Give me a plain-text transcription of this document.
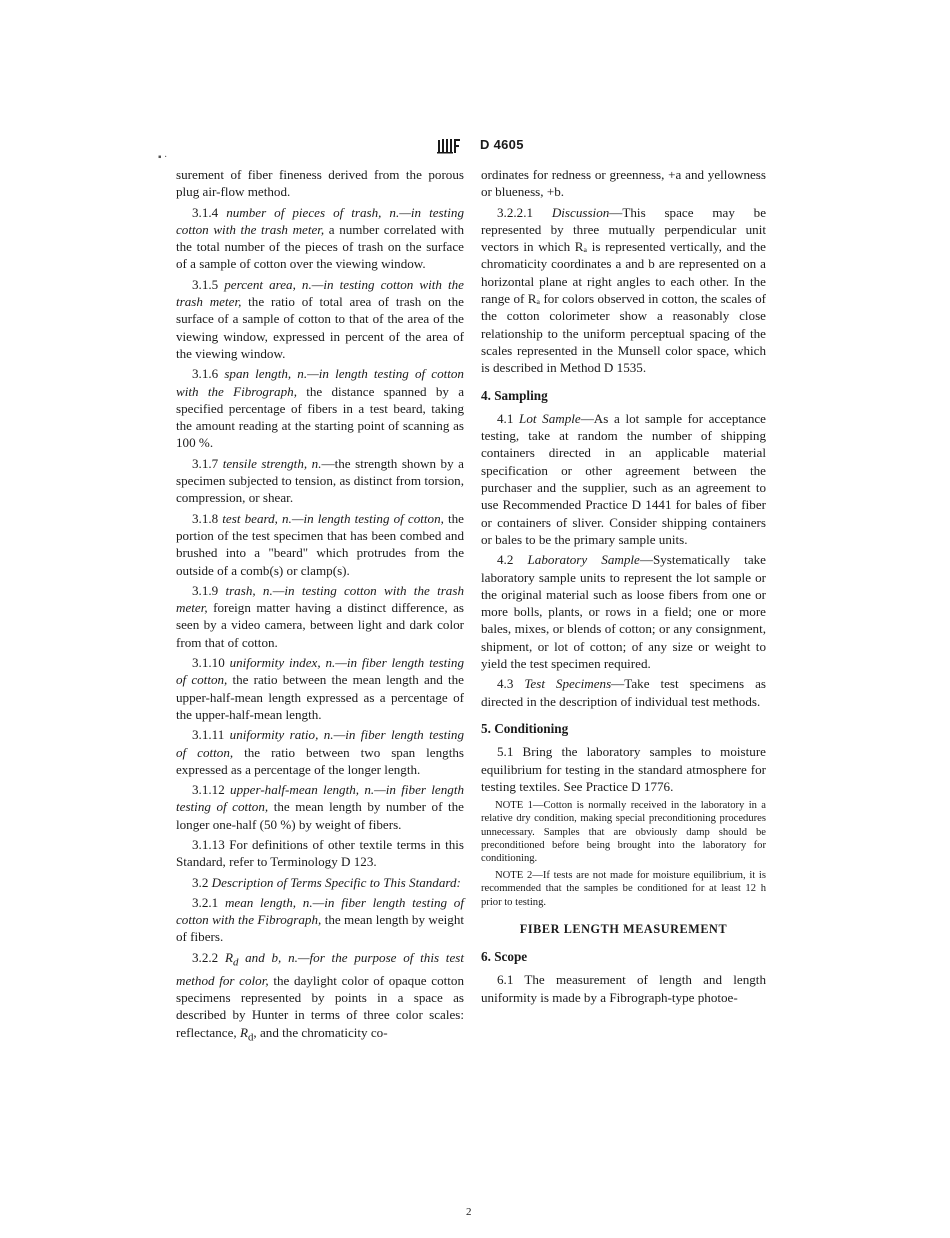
D 4605
▪ ·

surement of fiber fineness derived from the porous plug air-flow method.

3.1.4 number of pieces of trash, n.—in testing cotton with the trash meter, a number correlated with the total number of the pieces of trash on the surface of a sample of cotton over the viewing window.

3.1.5 percent area, n.—in testing cotton with the trash meter, the ratio of total area of trash on the surface of a sample of cotton to that of the area of the viewing window, expressed in percent of the area of the viewing window.

3.1.6 span length, n.—in length testing of cotton with the Fibrograph, the distance spanned by a specified percentage of fibers in a test beard, taking the amount reading at the starting point of scanning as 100 %.

3.1.7 tensile strength, n.—the strength shown by a specimen subjected to tension, as distinct from torsion, compression, or shear.

3.1.8 test beard, n.—in length testing of cotton, the portion of the test specimen that has been combed and brushed into a "beard" which protrudes from the outside of a comb(s) or clamp(s).

3.1.9 trash, n.—in testing cotton with the trash meter, foreign matter having a distinct difference, as seen by a video camera, between light and dark color from that of cotton.

3.1.10 uniformity index, n.—in fiber length testing of cotton, the ratio between the mean length and the upper-half-mean length expressed as a percentage of the upper-half-mean length.

3.1.11 uniformity ratio, n.—in fiber length testing of cotton, the ratio between two span lengths expressed as a percentage of the longer length.

3.1.12 upper-half-mean length, n.—in fiber length testing of cotton, the mean length by number of the longer one-half (50 %) by weight of fibers.

3.1.13 For definitions of other textile terms in this Standard, refer to Terminology D 123.

3.2 Description of Terms Specific to This Standard:

3.2.1 mean length, n.—in fiber length testing of cotton with the Fibrograph, the mean length by weight of fibers.

3.2.2 $R_d$ and b, n.—for the purpose of this test method for color, the daylight color of opaque cotton specimens represented by points in a space as described by Hunter in terms of three color scales: reflectance, $R_d$, and the chromaticity co-

ordinates for redness or greenness, +a and yellowness or blueness, +b.

3.2.2.1 Discussion—This space may be represented by three mutually perpendicular unit vectors in which Rₐ is represented vertically, and the chromaticity coordinates a and b are represented on a horizontal plane at right angles to each other. In the range of Rₐ for colors observed in cotton, the scales of the cotton colorimeter show a reasonably close relationship to the uniform perceptual spacing of the scales represented in the Munsell color space, which is described in Method D 1535.

4. Sampling

4.1 Lot Sample—As a lot sample for acceptance testing, take at random the number of shipping containers directed in an applicable material specification or other agreement between the purchaser and the supplier, such as an agreement to use Recommended Practice D 1441 for bales of fiber or containers of sliver. Consider shipping containers or bales to be the primary sample units.

4.2 Laboratory Sample—Systematically take laboratory sample units to represent the lot sample or the original material such as loose fibers from one or more bolls, plants, or rows in a field; one or more bales, mixes, or blends of cotton; or any consignment, shipment, or lot of cotton; of any size or weight to yield the test specimen required.

4.3 Test Specimens—Take test specimens as directed in the description of individual test methods.

5. Conditioning

5.1 Bring the laboratory samples to moisture equilibrium for testing in the standard atmosphere for testing textiles. See Practice D 1776.

NOTE 1—Cotton is normally received in the laboratory in a relative dry condition, making special preconditioning procedures unnecessary. Samples that are obviously damp should be preconditioned before being brought into the laboratory for conditioning.

NOTE 2—If tests are not made for moisture equilibrium, it is recommended that the samples be conditioned for at least 12 h prior to testing.

FIBER LENGTH MEASUREMENT
6. Scope

6.1 The measurement of length and length uniformity is made by a Fibrograph-type photoe-

2
